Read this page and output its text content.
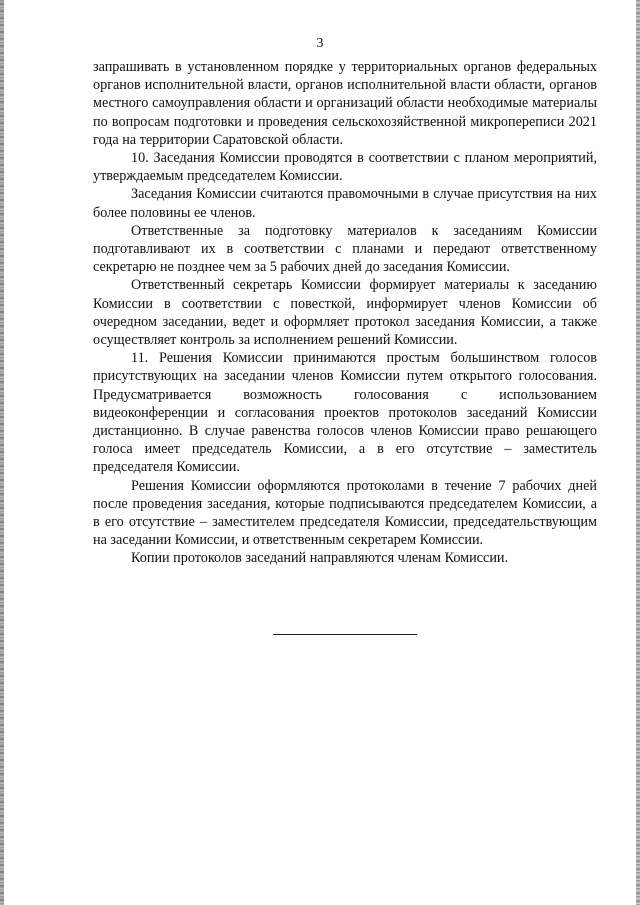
3

запрашивать в установленном порядке у территориальных органов федеральных органов исполнительной власти, органов исполнительной власти области, органов местного самоуправления области и организаций области необходимые материалы по вопросам подготовки и проведения сельскохозяйственной микропереписи 2021 года на территории Саратовской области.

10. Заседания Комиссии проводятся в соответствии с планом мероприятий, утверждаемым председателем Комиссии.

Заседания Комиссии считаются правомочными в случае присутствия на них более половины ее членов.

Ответственные за подготовку материалов к заседаниям Комиссии подготавливают их в соответствии с планами и передают ответственному секретарю не позднее чем за 5 рабочих дней до заседания Комиссии.

Ответственный секретарь Комиссии формирует материалы к заседанию Комиссии в соответствии с повесткой, информирует членов Комиссии об очередном заседании, ведет и оформляет протокол заседания Комиссии, а также осуществляет контроль за исполнением решений Комиссии.

11. Решения Комиссии принимаются простым большинством голосов присутствующих на заседании членов Комиссии путем открытого голосования. Предусматривается возможность голосования с использованием видеоконференции и согласования проектов протоколов заседаний Комиссии дистанционно. В случае равенства голосов членов Комиссии право решающего голоса имеет председатель Комиссии, а в его отсутствие – заместитель председателя Комиссии.

Решения Комиссии оформляются протоколами в течение 7 рабочих дней после проведения заседания, которые подписываются председателем Комиссии, а в его отсутствие – заместителем председателя Комиссии, председательствующим на заседании Комиссии, и ответственным секретарем Комиссии.

Копии протоколов заседаний направляются членам Комиссии.
